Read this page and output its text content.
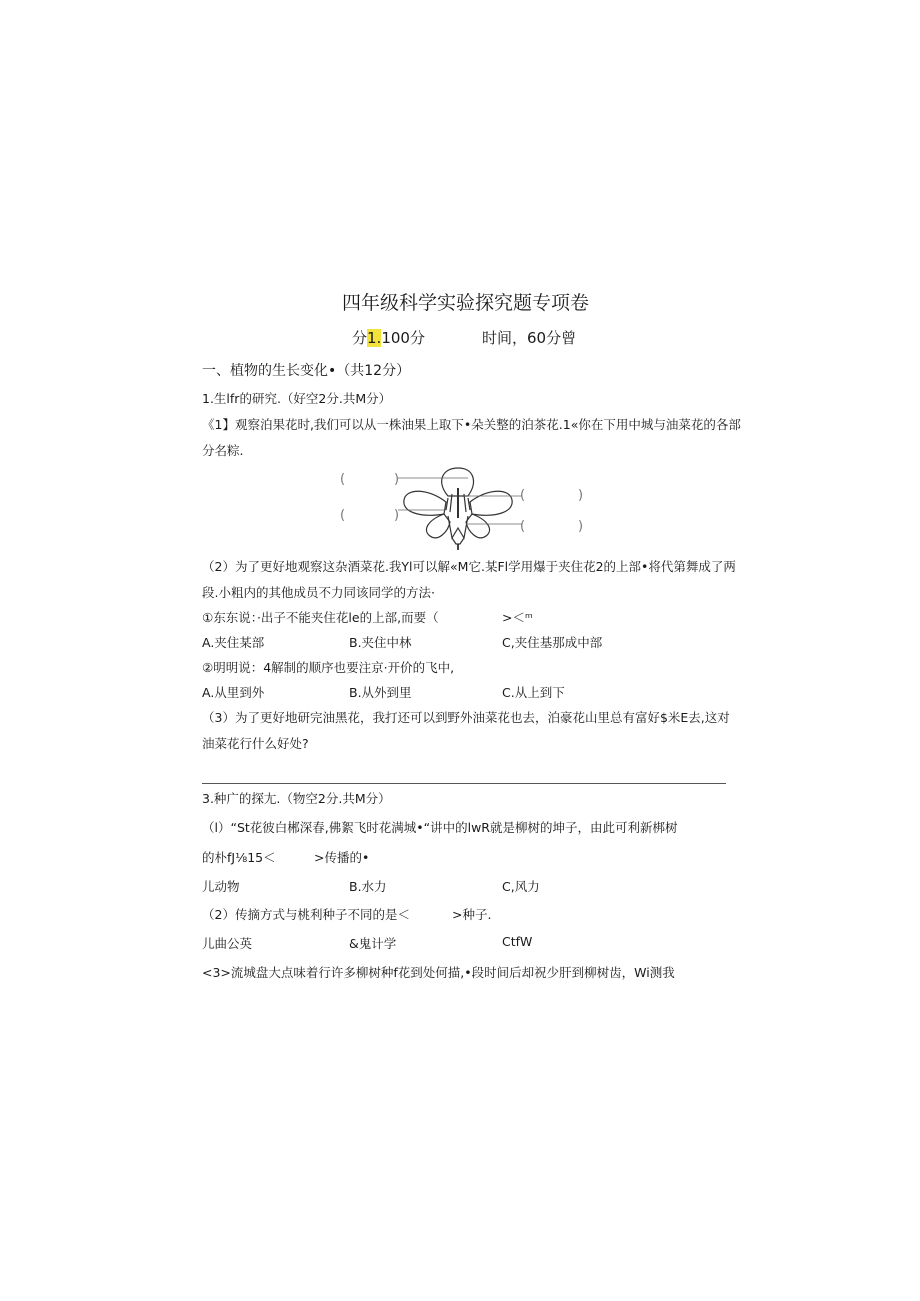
四年级科学实验探究题专项卷
分1.100分	时间，60分曾
一、植物的生长变化•（共12分）
1.生lfr的研究.（好空2分.共M分）
《1】观察泊果花时,我们可以从一株油果上取下•朵关整的泊茶花.1«你在下用中城与油菜花的各部
分名粽.
(	)
(	)
(	)
(	)
（2）为了更好地观察这杂酒菜花.我Yl可以解«M它.某Fl学用爆于夹住花2的上部•将代第舞成了两
段.小粗内的其他成员不力同该同学的方法·
①东东说：·出子不能夹住花le的上部,而要（	>＜ᵐ
A.夹住某部	B.夹住中林	C,夹住基那成中部
②明明说：4解制的顺序也要注京·开价的飞中,
A.从里到外	B.从外到里	C.从上到下
（3）为了更好地研完油黑花，我打还可以到野外油菜花也去，泊豪花山里总有富好$米E去,这对
油菜花行什么好处?
3.种广的探尢.（物空2分.共M分）
（l）“St花彼白郴深春,佛絮飞时花满城•“讲中的lwR就是柳树的坤子，由此可利新梆树
的朴fJ⅛15＜	>传播的•
儿动物	B.水力	C,风力
（2）传摘方式与桃利种子不同的是＜	>种子.
儿曲公英	&鬼计学	CtfW
<3>流城盘大点味着行许多柳树种f花到处何描,•段时间后却祝少肝到柳树齿，Wi测我
